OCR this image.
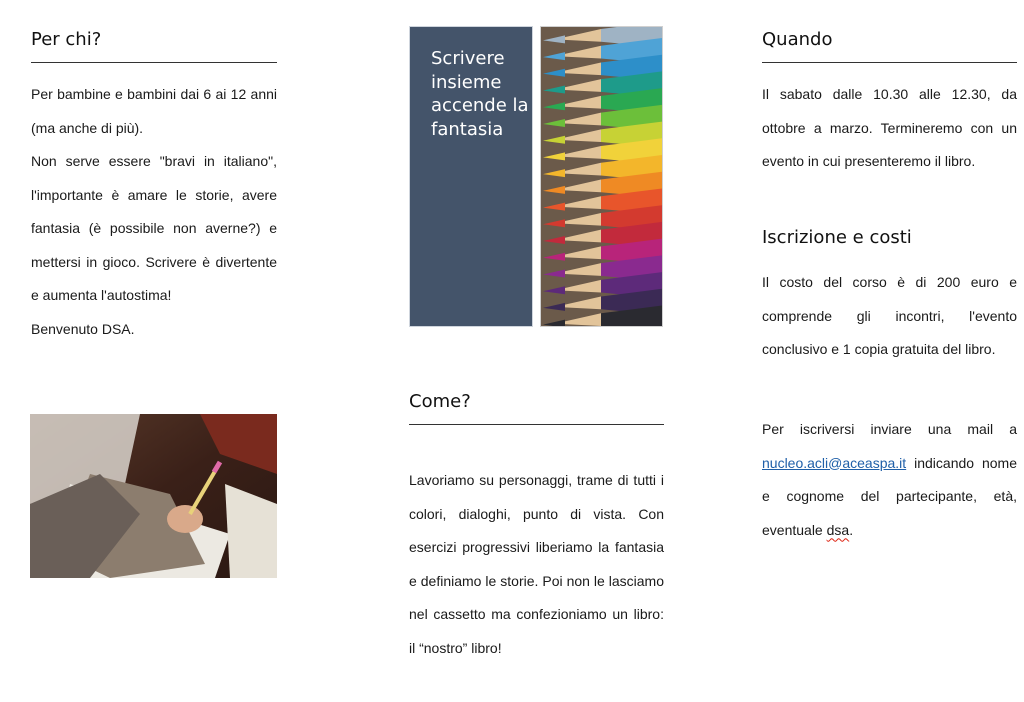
Per chi?

Per bambine e bambini dai 6 ai 12 anni (ma anche di più).

Non serve essere "bravi in italiano", l'importante è amare le storie, avere fantasia (è possibile non averne?) e mettersi in gioco. Scrivere è divertente e aumenta l'autostima!

Benvenuto DSA.

Scrivere insieme accende la fantasia
Come?

Lavoriamo su personaggi, trame di tutti i colori, dialoghi, punto di vista. Con esercizi progressivi liberiamo la fantasia e definiamo le storie. Poi non le lasciamo nel cassetto ma confezioniamo un libro: il “nostro” libro!

Quando

Il sabato dalle 10.30 alle 12.30, da ottobre a marzo. Termineremo con un evento in cui presenteremo il libro.

Iscrizione e costi

Il costo del corso è di 200 euro e comprende gli incontri, l'evento conclusivo e 1 copia gratuita del libro.

Per iscriversi inviare una mail a nucleo.acli@aceaspa.it indicando nome e cognome del partecipante, età, eventuale dsa.
